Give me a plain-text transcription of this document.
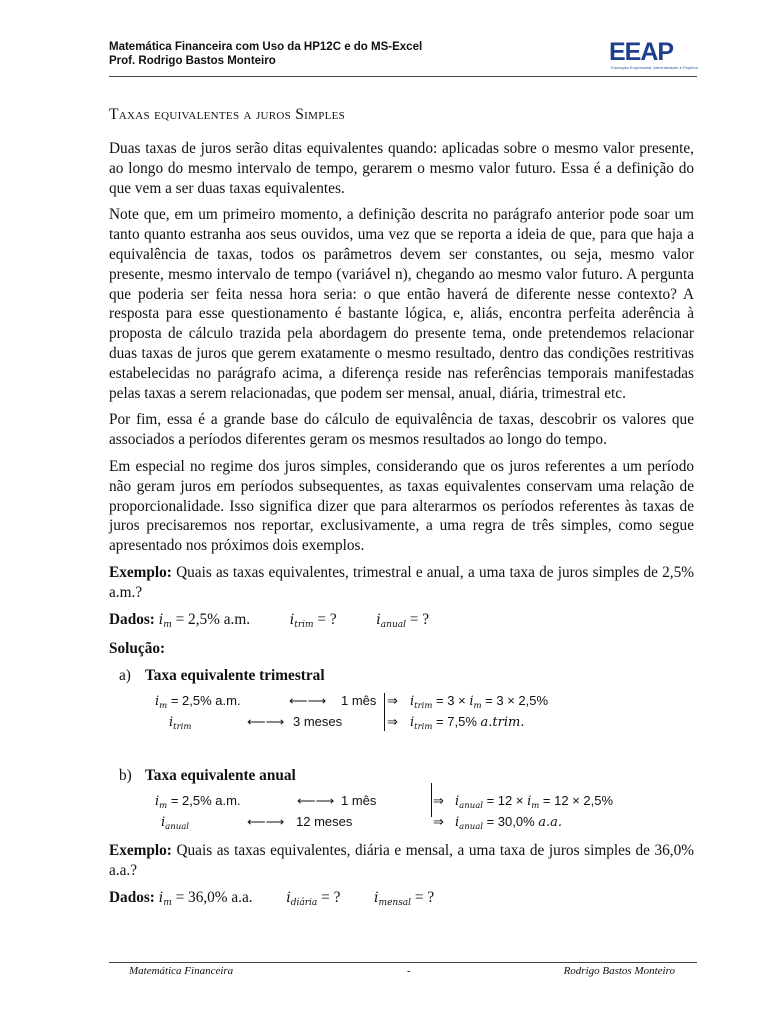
Matemática Financeira com Uso da HP12C e do MS-Excel
Prof. Rodrigo Bastos Monteiro	EEAP
Educação Empresarial, Administração e Projetos
Taxas equivalentes a juros Simples

Duas taxas de juros serão ditas equivalentes quando: aplicadas sobre o mesmo valor presente, ao longo do mesmo intervalo de tempo, gerarem o mesmo valor futuro. Essa é a definição do que vem a ser duas taxas equivalentes.

Note que, em um primeiro momento, a definição descrita no parágrafo anterior pode soar um tanto quanto estranha aos seus ouvidos, uma vez que se reporta a ideia de que, para que haja a equivalência de taxas, todos os parâmetros devem ser constantes, ou seja, mesmo valor presente, mesmo intervalo de tempo (variável n), chegando ao mesmo valor futuro. A pergunta que poderia ser feita nessa hora seria: o que então haverá de diferente nesse contexto? A resposta para esse questionamento é bastante lógica, e, aliás, encontra perfeita aderência à proposta de cálculo trazida pela abordagem do presente tema, onde pretendemos relacionar duas taxas de juros que gerem exatamente o mesmo resultado, dentro das condições restritivas estabelecidas no parágrafo acima, a diferença reside nas referências temporais manifestadas pelas taxas a serem relacionadas, que podem ser mensal, anual, diária, trimestral etc.

Por fim, essa é a grande base do cálculo de equivalência de taxas, descobrir os valores que associados a períodos diferentes geram os mesmos resultados ao longo do tempo.

Em especial no regime dos juros simples, considerando que os juros referentes a um período não geram juros em períodos subsequentes, as taxas equivalentes conservam uma relação de proporcionalidade. Isso significa dizer que para alterarmos os períodos referentes às taxas de juros precisaremos nos reportar, exclusivamente, a uma regra de três simples, como segue apresentado nos próximos dois exemplos.

Exemplo: Quais as taxas equivalentes, trimestral e anual, a uma taxa de juros simples de 2,5% a.m.?

Dados: im = 2,5% a.m.	itrim = ?	ianual = ?

Solução:

a) Taxa equivalente trimestral
$i_m = 2,5\%$ a.m.	⟵⟶ 1 mês ⇒ $i_{trim} = 3 \times i_m = 3 \times 2,5\%$
$i_{trim}$	⟵⟶ 3 meses	⇒ $i_{trim} = 7,5\%$ a.trim.
b) Taxa equivalente anual
$i_m = 2,5\%$ a.m.	⟵⟶ 1 mês	⇒ $i_{anual} = 12 \times i_m = 12 \times 2,5\%$
$i_{anual}$	⟵⟶ 12 meses	⇒ $i_{anual} = 30,0\%$ a.a.

Exemplo: Quais as taxas equivalentes, diária e mensal, a uma taxa de juros simples de 36,0% a.a.?

Dados: im = 36,0% a.a. idiária = ? imensal = ?

Matemática Financeira	-	Rodrigo Bastos Monteiro
